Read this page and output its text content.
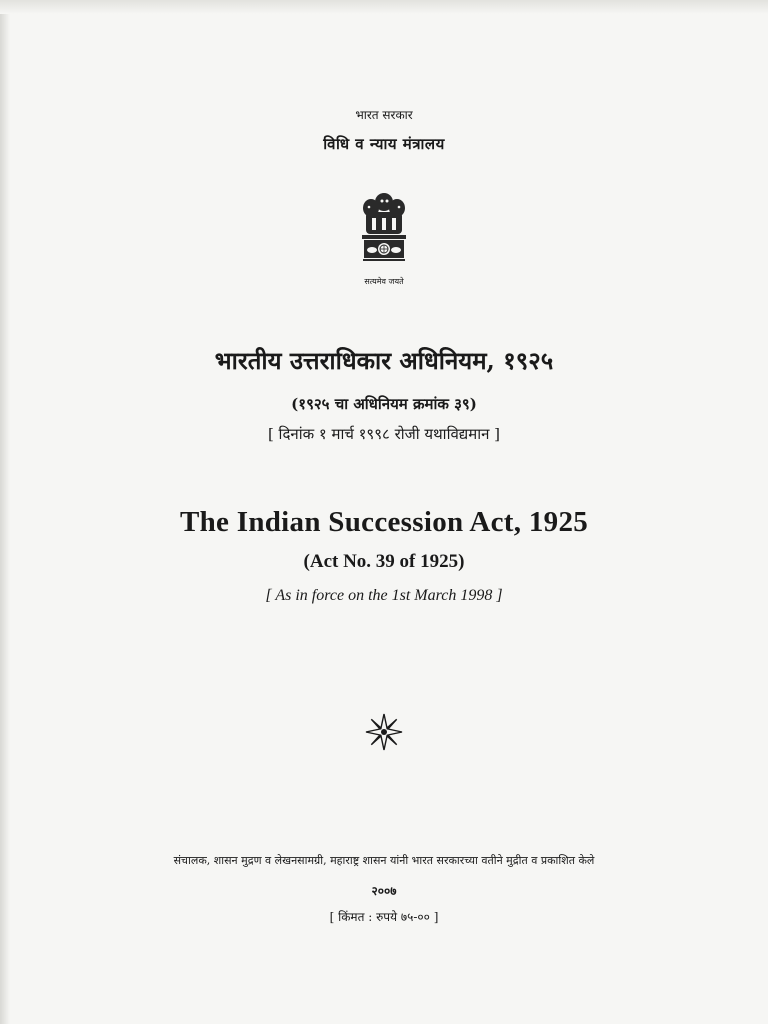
भारत सरकार
विधि व न्याय मंत्रालय
सत्यमेव जयते
भारतीय उत्तराधिकार अधिनियम, १९२५
(१९२५ चा अधिनियम क्रमांक ३९)
[ दिनांक १ मार्च १९९८ रोजी यथाविद्यमान ]
The Indian Succession Act, 1925
(Act No. 39 of 1925)
[ As in force on the 1st March 1998 ]
संचालक, शासन मुद्रण व लेखनसामग्री, महाराष्ट्र शासन यांनी भारत सरकारच्या वतीने मुद्रीत व प्रकाशित केले
२००७
[ किंमत : रुपये ७५-०० ]
